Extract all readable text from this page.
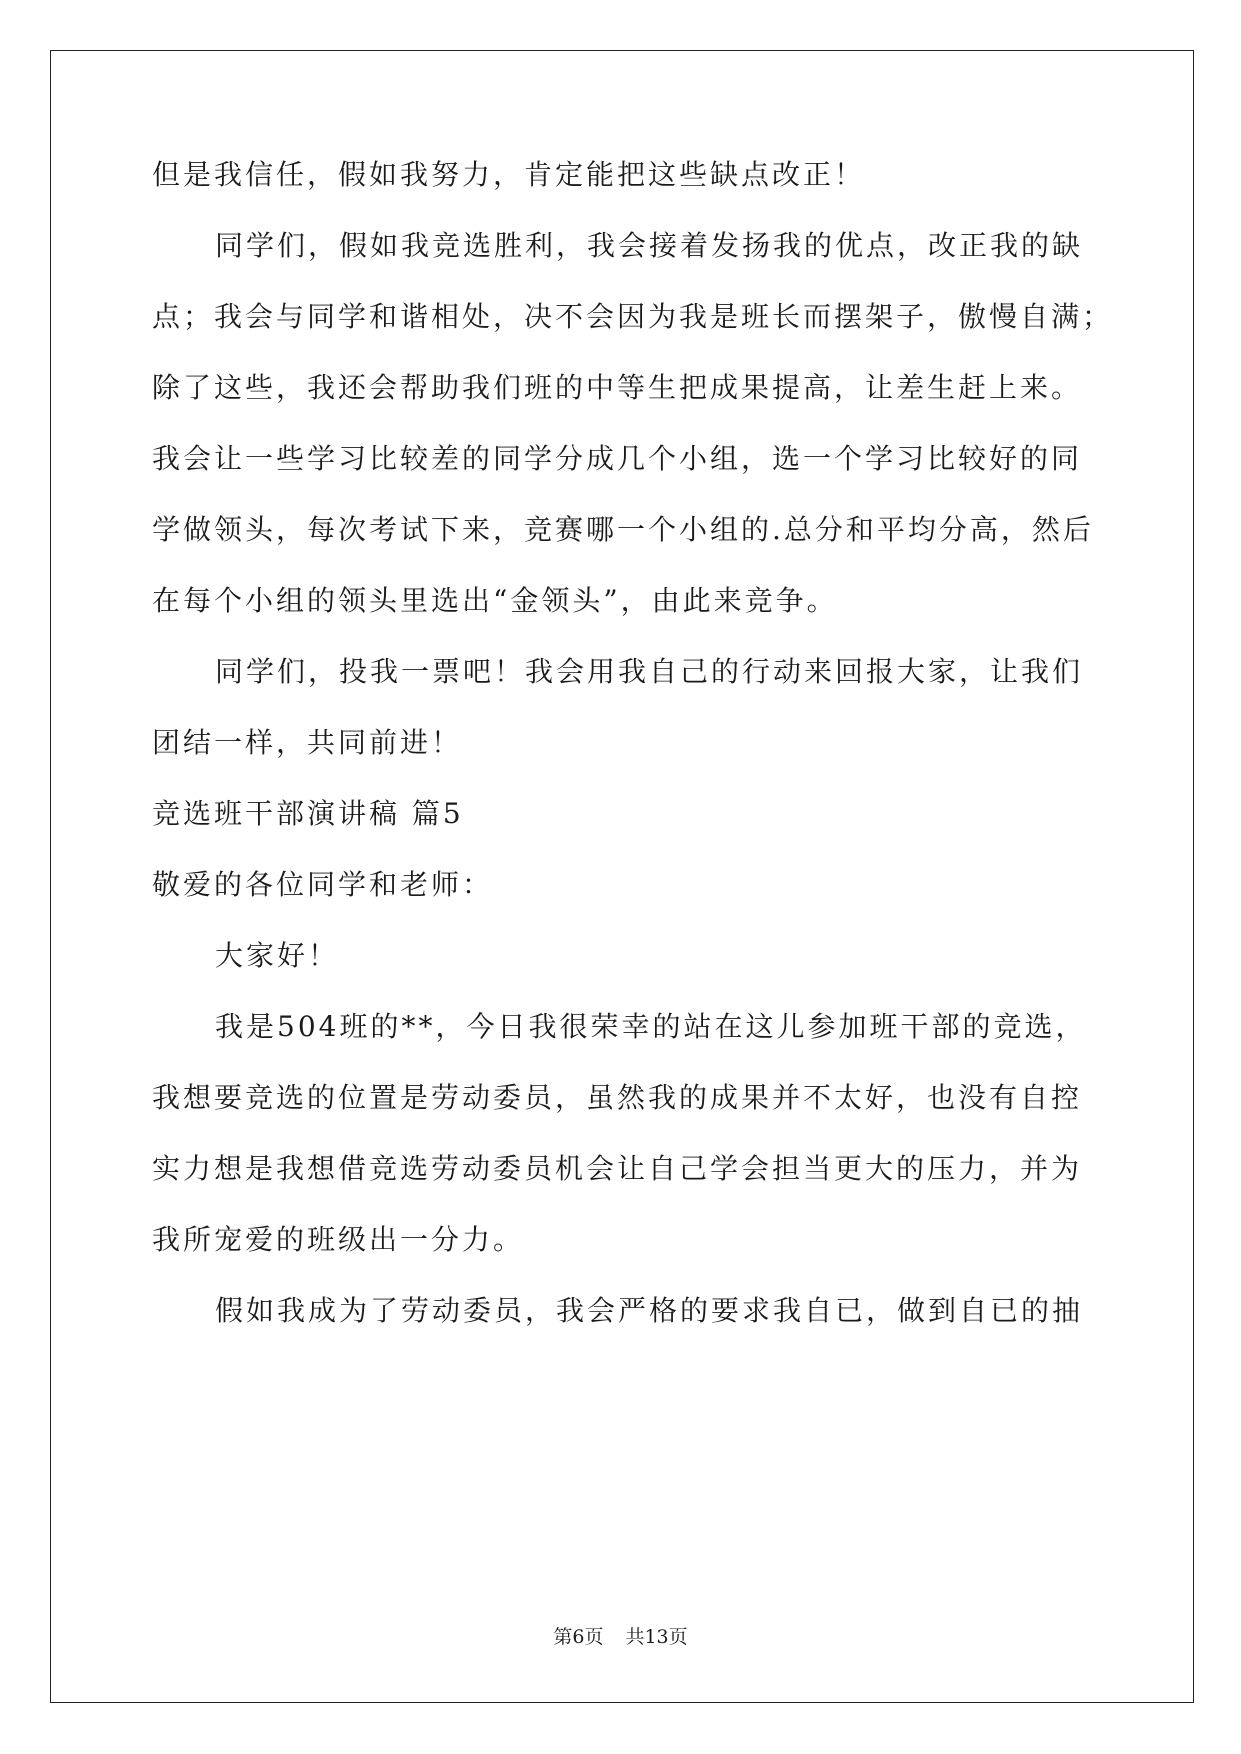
但是我信任，假如我努力，肯定能把这些缺点改正！
同学们，假如我竞选胜利，我会接着发扬我的优点，改正我的缺
点；我会与同学和谐相处，决不会因为我是班长而摆架子，傲慢自满；
除了这些，我还会帮助我们班的中等生把成果提高，让差生赶上来。
我会让一些学习比较差的同学分成几个小组，选一个学习比较好的同
学做领头，每次考试下来，竞赛哪一个小组的.总分和平均分高，然后
在每个小组的领头里选出“金领头”，由此来竞争。
同学们，投我一票吧！我会用我自己的行动来回报大家，让我们
团结一样，共同前进！
竞选班干部演讲稿 篇5
敬爱的各位同学和老师：
大家好！
我是504班的**，今日我很荣幸的站在这儿参加班干部的竞选，
我想要竞选的位置是劳动委员，虽然我的成果并不太好，也没有自控
实力想是我想借竞选劳动委员机会让自己学会担当更大的压力，并为
我所宠爱的班级出一分力。
假如我成为了劳动委员，我会严格的要求我自已，做到自已的抽
第6页 共13页
